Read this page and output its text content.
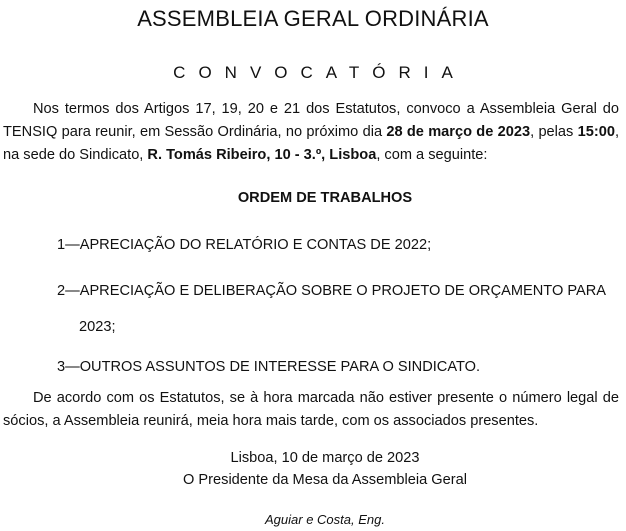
ASSEMBLEIA GERAL ORDINÁRIA
CONVOCATÓRIA
Nos termos dos Artigos 17, 19, 20 e 21 dos Estatutos, convoco a Assembleia Geral do TENSIQ para reunir, em Sessão Ordinária, no próximo dia 28 de março de 2023, pelas 15:00, na sede do Sindicato, R. Tomás Ribeiro, 10 - 3.º, Lisboa, com a seguinte:
ORDEM DE TRABALHOS
1—APRECIAÇÃO DO RELATÓRIO E CONTAS DE 2022;
2—APRECIAÇÃO E DELIBERAÇÃO SOBRE O PROJETO DE ORÇAMENTO PARA
2023;
3—OUTROS ASSUNTOS DE INTERESSE PARA O SINDICATO.
De acordo com os Estatutos, se à hora marcada não estiver presente o número legal de sócios, a Assembleia reunirá, meia hora mais tarde, com os associados presentes.
Lisboa, 10 de março de 2023
O Presidente da Mesa da Assembleia Geral
Aguiar e Costa, Eng.
